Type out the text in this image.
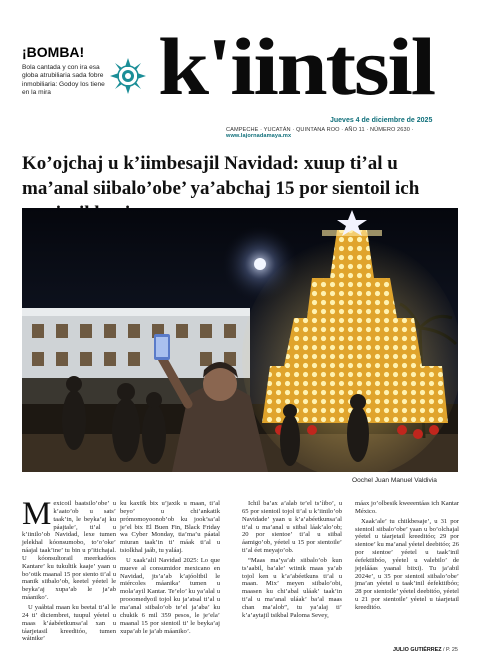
¡BOMBA!
Bola cantada y con ira esa globa atrubiliaria sada fobre inmobiliaria: Godoy los tiene en la mira	k'iintsil
Jueves 4 de diciembre de 2025
CAMPECHE · YUCATÁN · QUINTANA ROO · AÑO 11 · NÚMERO 2630 · www.lajornadamaya.mx
Ko’ojchaj u k’iimbesajil Navidad: xuup ti’al u ma’anal siibalo’obe’ ya’abchaj 15 por sientoil ich
Oochel Juan Manuel Valdivia
M exicoil baatsilo’obe’ u k’aato’ob u sats’ taak’in, le beyka’aj ku páajtale’, ti’al u k’iinilo’ob Navidad, lexe tumen jelekhal kóonsumobo, to’o’oke’ náajal taak’ine’ tu bin u p’itichajal. U kóonsultorail meerkadóos Kantare’ ku tukultik kaaje’ yaan u bo’otik maanal 15 por siento ti’al u manik siibalo’ob, keetel yéetel le beyka’aj xupa’ab le ja’ab máaniko’.

U yaábtal maan ku beetal ti’al le 24 ti’ diciembrei, tuupul yéetel u maas k’áabéetkunsa’al xan u táarjetasil kreeditóo, tumen wáinike’

ku kaxtik bix u’jaxik u maan, ti’al beyo’ u chi’ankatik prómomoyoonob’ob ku jook’sa’al je’el bix El Buen Fin, Black Friday wa Cyber Monday, tia’ma’u páatal miuran taak’in ti’ máak ti’al u tsiolkhal jaáb, tu yaláaj.

U xaak’alil Navidad 2025: Lo que mueve al consumidor mexicano en Navidad, jts’a’ab k’ajóoltbil le miércoles máanika’ tumen u mola’ayil Kantar. Te’elo’ ku ya’alal u prooomedyoil tojol ku ja’atsal ti’al u ma’anal siibalo’ob te’el ja’aba’ ku chukik 6 mil 359 pesos, le je’ela’ maanal 15 por sientoil ti’ le beyka’aj xupa’ab le ja’ab máaniko’.

Ichil ba’ax a’alab te’el ts’íibo’, u 65 por sientoil tojol ti’al u k’iinilo’ob Navidade’ yaan u k’a’abéetkunsa’al ti’al u ma’anal u siibal láak’alo’ob; 20 por sientoe’ ti’al u siibal áamigo’ob, yéetel u 15 por sientoile’ ti’al éet meyajo’ob.

“Maas ma’ya’ab siibalo’ob kun ts’aabil, ba’ale’ wiinik maas ya’ab tojol ken u k’a’abéetkuns ti’al u maan. Mix’ meyen siibalo’obi, maasen ku chi’abal uláak’ taak’in ti’al u ma’anal uláak’ ba’al maas chan ma’alob”, tu ya’alaj ti’ k’a’aytajil tsikbal Paloma Sevey,

máax jo’olbesik kweeentáas ich Kantar México.

Xaak’ale’ tu chiikbesaje’, u 31 por sientoil siibalo’obe’ yaan u bo’olchajal yéetel u táarjetail kreeditóo; 29 por sientoe’ ku ma’anal yéetel deebitóo; 26 por sientoe’ yéetel u taak’inil éefektiibóo, yéetel u valebilo’ de jejelááas yaanal biixi). Tu ja’abil 2024e’, u 35 por sientoil siibalo’obe’ jma’an yéetel u taak’inil éefektiibóo; 28 por sientoile’ yéetel deebitóo, yéetel u 21 por sientoile’ yéetel u táarjetail kreeditóo.

JULIO GUTIÉRREZ / P. 25
